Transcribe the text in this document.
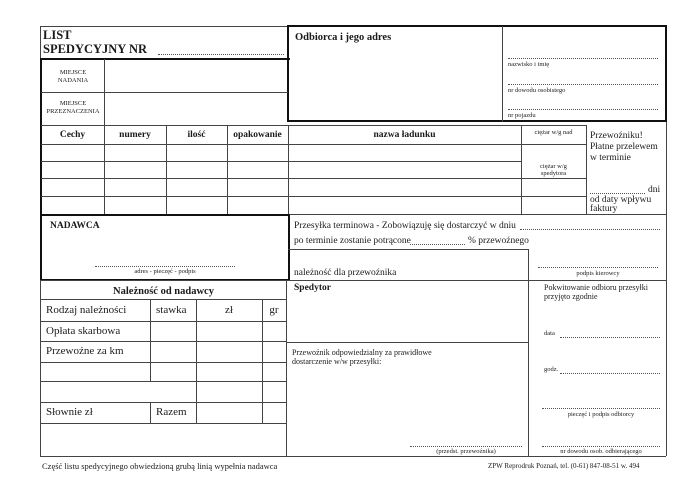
LIST
SPEDYCYJNY NR
Odbiorca i jego adres
nazwisko i imię
nr dowodu osobistego
nr pojazdu
MIEJSCE
NADANIA
MIEJSCE
PRZEZNACZENIA
Cechy	numery	ilość	opakowanie	nazwa ładunku	ciężar w/g nad
ciężar w/g
spedytora
Przewoźniku!
Płatne przelewem
w terminie
dni
od daty wpływu
faktury
NADAWCA
adres - pieczęć - podpis
Przesyłka terminowa - Zobowiązuję się dostarczyć w dniu
po terminie zostanie potrącone	% przewoźnego
należność dla przewoźnika	podpis kierowcy
Należność od nadawcy
Rodzaj należności	stawka	zł	gr
Opłata skarbowa
Przewoźne za km
Słownie zł	Razem
Spedytor
Przewoźnik odpowiedzialny za prawidłowe
dostarczenie w/w przesyłki:
(przedst. przewoźnika)
Pokwitowanie odbioru przesyłki
przyjęto zgodnie
data
godz.
pieczęć i podpis odbiorcy
nr dowodu osob. odbierającego
Część listu spedycyjnego obwiedzioną grubą linią wypełnia nadawca	ZPW Reprodruk Poznań, tel. (0-61) 847-08-51 w. 494
